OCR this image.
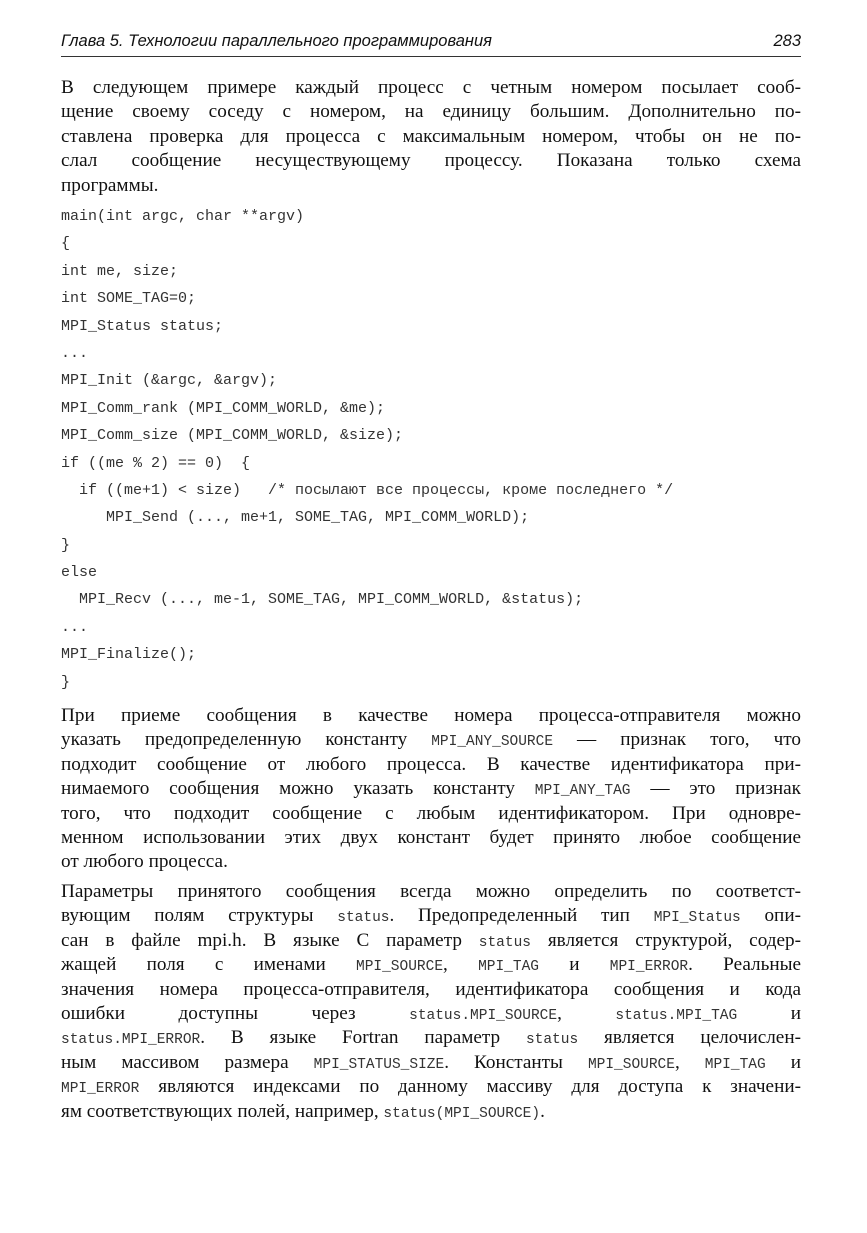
Глава 5. Технологии параллельного программирования	283
В следующем примере каждый процесс с четным номером посылает сооб-
щение своему соседу с номером, на единицу большим. Дополнительно по-
ставлена проверка для процесса с максимальным номером, чтобы он не по-
слал сообщение несуществующему процессу. Показана только схема
программы.
main(int argc, char **argv)
{
int me, size;
int SOME_TAG=0;
MPI_Status status;
...
MPI_Init (&argc, &argv);
MPI_Comm_rank (MPI_COMM_WORLD, &me);
MPI_Comm_size (MPI_COMM_WORLD, &size);
if ((me % 2) == 0)  {
if ((me+1) < size)   /* посылают все процессы, кроме последнего */
MPI_Send (..., me+1, SOME_TAG, MPI_COMM_WORLD);
}
else
MPI_Recv (..., me-1, SOME_TAG, MPI_COMM_WORLD, &status);
...
MPI_Finalize();
}
При приеме сообщения в качестве номера процесса-отправителя можно
указать предопределенную константу MPI_ANY_SOURCE — признак того, что
подходит сообщение от любого процесса. В качестве идентификатора при-
нимаемого сообщения можно указать константу MPI_ANY_TAG — это признак
того, что подходит сообщение с любым идентификатором. При одновре-
менном использовании этих двух констант будет принято любое сообщение
от любого процесса.
Параметры принятого сообщения всегда можно определить по соответст-
вующим полям структуры status. Предопределенный тип MPI_Status опи-
сан в файле mpi.h. В языке C параметр status является структурой, содер-
жащей поля с именами MPI_SOURCE, MPI_TAG и MPI_ERROR. Реальные
значения номера процесса-отправителя, идентификатора сообщения и кода
ошибки доступны через status.MPI_SOURCE, status.MPI_TAG и
status.MPI_ERROR. В языке Fortran параметр status является целочислен-
ным массивом размера MPI_STATUS_SIZE. Константы MPI_SOURCE, MPI_TAG и
MPI_ERROR являются индексами по данному массиву для доступа к значени-
ям соответствующих полей, например, status(MPI_SOURCE).
